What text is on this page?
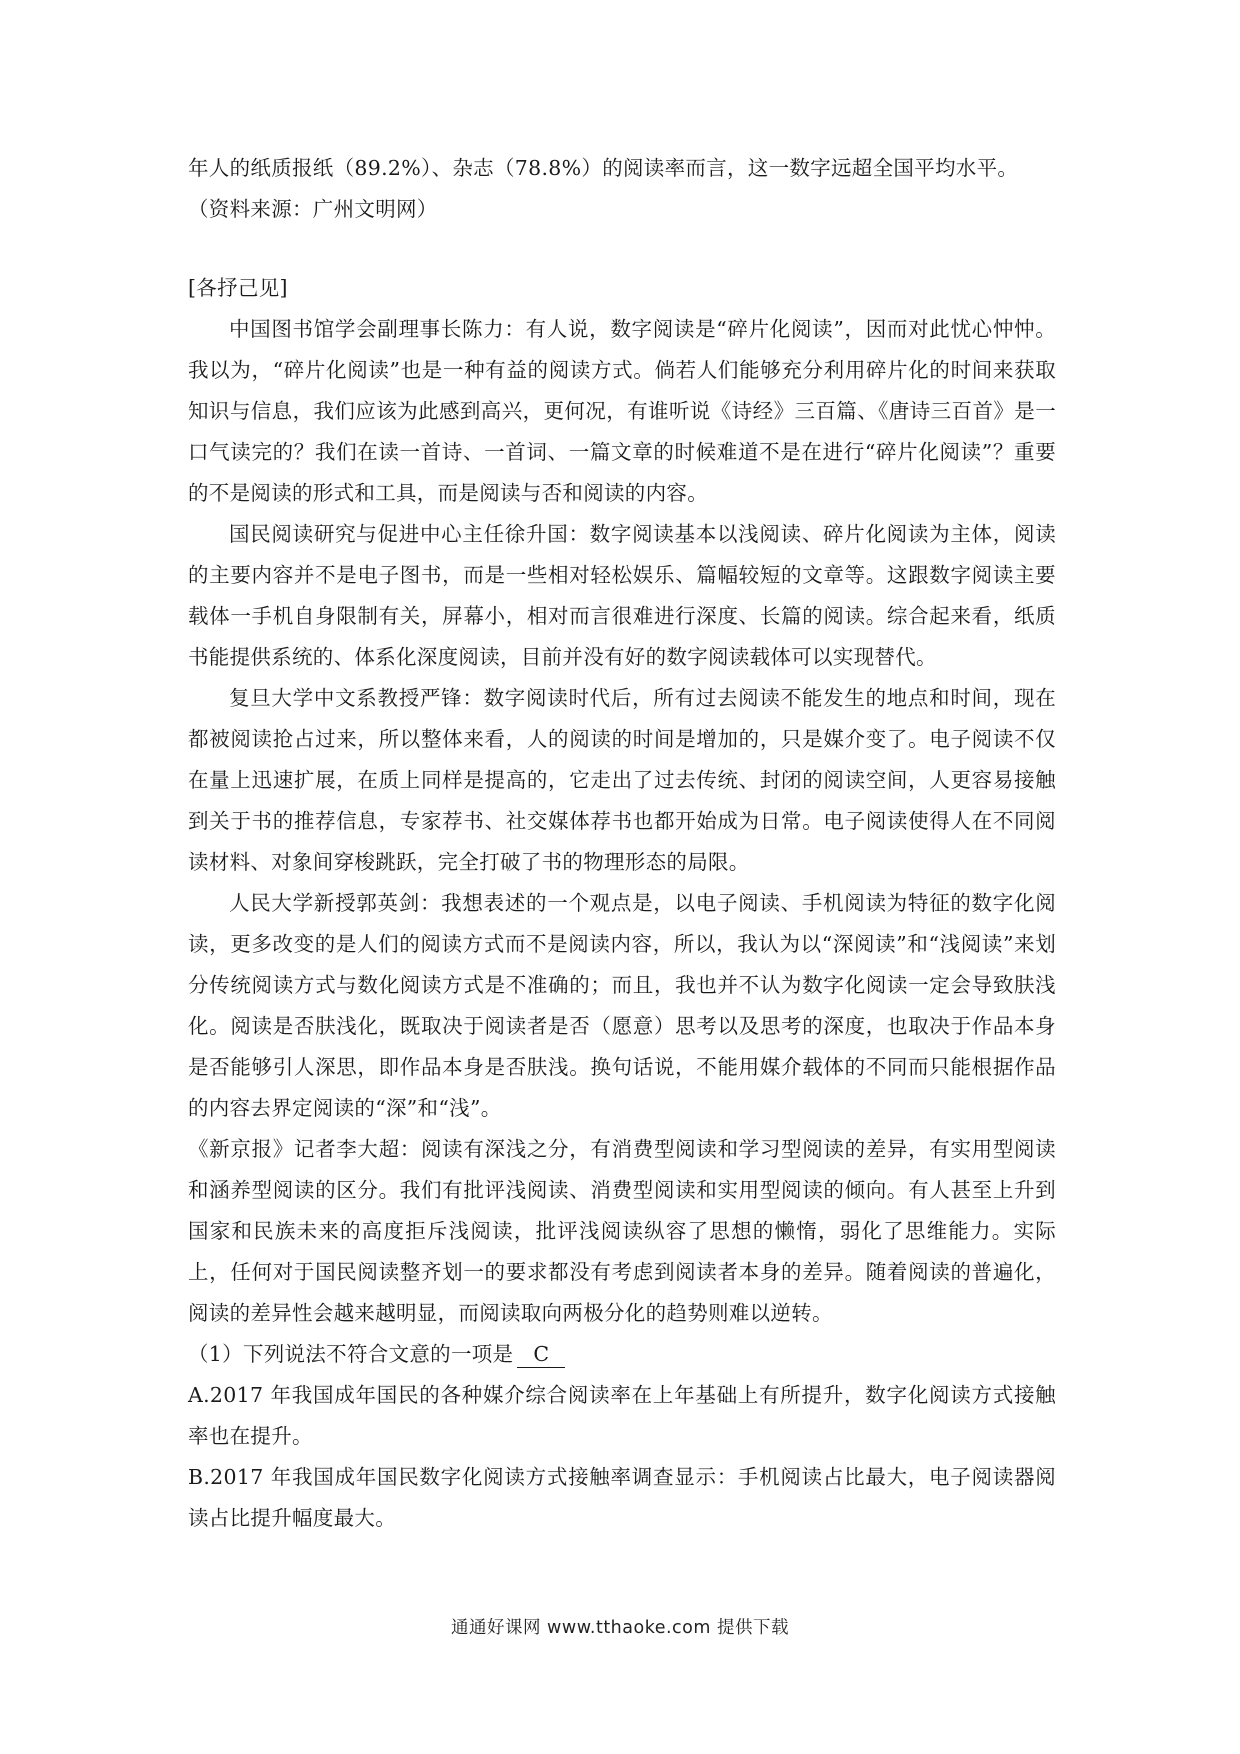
年人的纸质报纸（89.2%）、杂志（78.8%）的阅读率而言，这一数字远超全国平均水平。

（资料来源：广州文明网）

[各抒己见]

中国图书馆学会副理事长陈力：有人说，数字阅读是“碎片化阅读”，因而对此忧心忡忡。我以为，“碎片化阅读”也是一种有益的阅读方式。倘若人们能够充分利用碎片化的时间来获取知识与信息，我们应该为此感到高兴，更何况，有谁听说《诗经》三百篇、《唐诗三百首》是一口气读完的？我们在读一首诗、一首词、一篇文章的时候难道不是在进行“碎片化阅读”？重要的不是阅读的形式和工具，而是阅读与否和阅读的内容。

国民阅读研究与促进中心主任徐升国：数字阅读基本以浅阅读、碎片化阅读为主体，阅读的主要内容并不是电子图书，而是一些相对轻松娱乐、篇幅较短的文章等。这跟数字阅读主要载体一手机自身限制有关，屏幕小，相对而言很难进行深度、长篇的阅读。综合起来看，纸质书能提供系统的、体系化深度阅读，目前并没有好的数字阅读载体可以实现替代。

复旦大学中文系教授严锋：数字阅读时代后，所有过去阅读不能发生的地点和时间，现在都被阅读抢占过来，所以整体来看，人的阅读的时间是增加的，只是媒介变了。电子阅读不仅在量上迅速扩展，在质上同样是提高的，它走出了过去传统、封闭的阅读空间，人更容易接触到关于书的推荐信息，专家荐书、社交媒体荐书也都开始成为日常。电子阅读使得人在不同阅读材料、对象间穿梭跳跃，完全打破了书的物理形态的局限。

人民大学新授郭英剑：我想表述的一个观点是，以电子阅读、手机阅读为特征的数字化阅读，更多改变的是人们的阅读方式而不是阅读内容，所以，我认为以“深阅读”和“浅阅读”来划分传统阅读方式与数化阅读方式是不准确的；而且，我也并不认为数字化阅读一定会导致肤浅化。阅读是否肤浅化，既取决于阅读者是否（愿意）思考以及思考的深度，也取决于作品本身是否能够引人深思，即作品本身是否肤浅。换句话说，不能用媒介载体的不同而只能根据作品的内容去界定阅读的“深”和“浅”。

《新京报》记者李大超：阅读有深浅之分，有消费型阅读和学习型阅读的差异，有实用型阅读和涵养型阅读的区分。我们有批评浅阅读、消费型阅读和实用型阅读的倾向。有人甚至上升到国家和民族未来的高度拒斥浅阅读，批评浅阅读纵容了思想的懒惰，弱化了思维能力。实际上，任何对于国民阅读整齐划一的要求都没有考虑到阅读者本身的差异。随着阅读的普遍化，阅读的差异性会越来越明显，而阅读取向两极分化的趋势则难以逆转。

（1）下列说法不符合文意的一项是 C

A.2017 年我国成年国民的各种媒介综合阅读率在上年基础上有所提升，数字化阅读方式接触率也在提升。

B.2017 年我国成年国民数字化阅读方式接触率调查显示：手机阅读占比最大，电子阅读器阅读占比提升幅度最大。

通通好课网 www.tthaoke.com 提供下载
